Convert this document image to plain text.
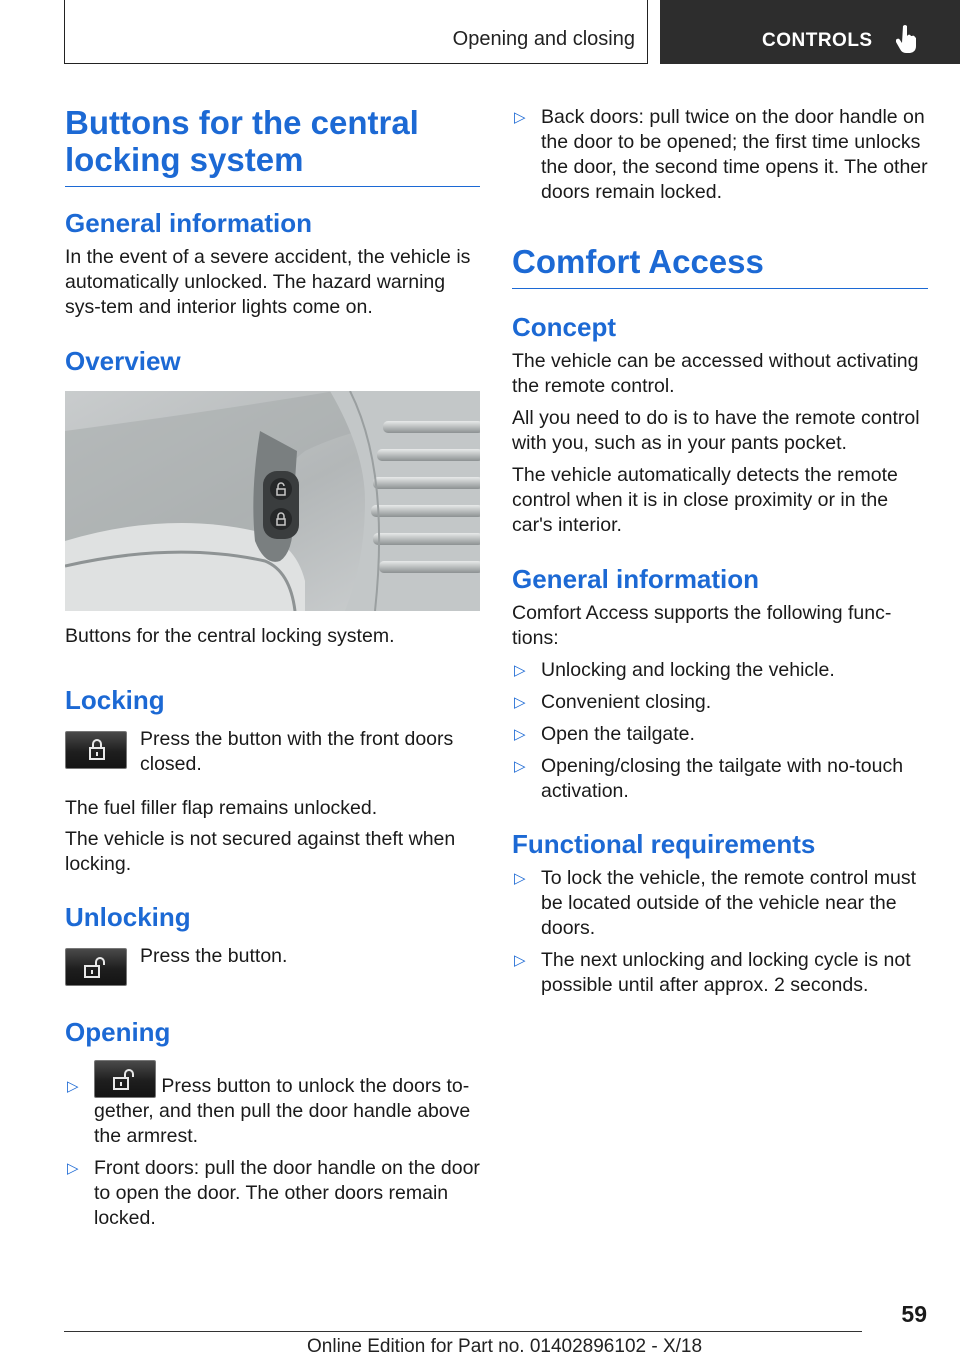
Opening and closing	CONTROLS
Buttons for the central locking system
General information

In the event of a severe accident, the vehicle is automatically unlocked. The hazard warning sys-tem and interior lights come on.

Overview

Buttons for the central locking system.

Locking

Press the button with the front doors closed.

The fuel filler flap remains unlocked.

The vehicle is not secured against theft when locking.

Unlocking

Press the button.

Opening
▷	Press button to unlock the doors to-gether, and then pull the door handle above the armrest.
▷ Front doors: pull the door handle on the door to open the door. The other doors remain locked.
▷ Back doors: pull twice on the door handle on the door to be opened; the first time unlocks the door, the second time opens it. The other doors remain locked.
Comfort Access
Concept

The vehicle can be accessed without activating the remote control.

All you need to do is to have the remote control with you, such as in your pants pocket.

The vehicle automatically detects the remote control when it is in close proximity or in the car's interior.

General information

Comfort Access supports the following func-tions:

▷ Unlocking and locking the vehicle.
▷ Convenient closing.
▷ Open the tailgate.
▷ Opening/closing the tailgate with no-touch activation.
Functional requirements
▷ To lock the vehicle, the remote control must be located outside of the vehicle near the doors.
▷ The next unlocking and locking cycle is not possible until after approx. 2 seconds.
59
Online Edition for Part no. 01402896102 - X/18
